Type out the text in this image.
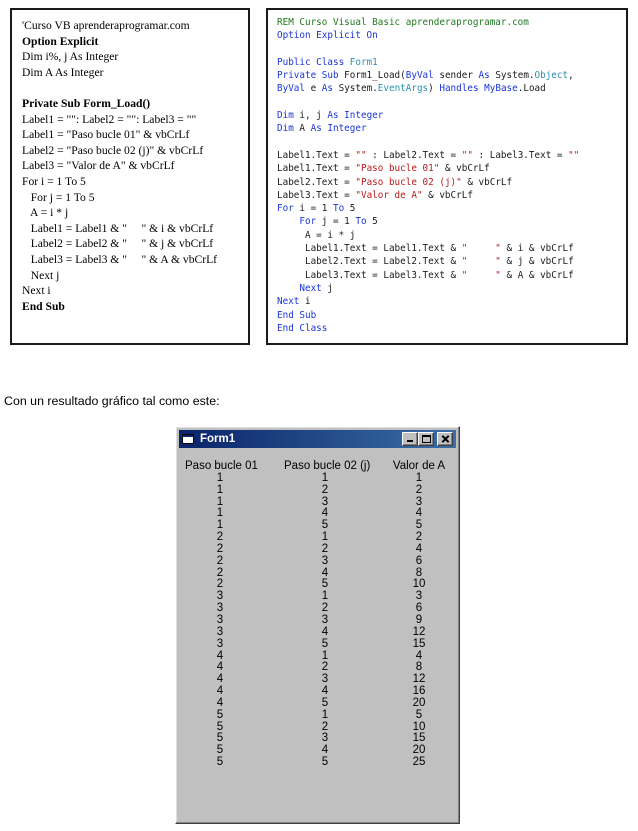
'Curso VB aprenderaprogramar.com
Option Explicit
Dim i%, j As Integer
Dim A As Integer
Private Sub Form_Load()
Label1 = "": Label2 = "": Label3 = ""
Label1 = "Paso bucle 01" & vbCrLf
Label2 = "Paso bucle 02 (j)" & vbCrLf
Label3 = "Valor de A" & vbCrLf
For i = 1 To 5
For j = 1 To 5
A = i * j
Label1 = Label1 & "     " & i & vbCrLf
Label2 = Label2 & "     " & j & vbCrLf
Label3 = Label3 & "     " & A & vbCrLf
Next j
Next i
End Sub
REM Curso Visual Basic aprenderaprogramar.com
Option Explicit On
Public Class Form1
Private Sub Form1_Load(ByVal sender As System.Object,
ByVal e As System.EventArgs) Handles MyBase.Load
Dim i, j As Integer
Dim A As Integer
Label1.Text = "" : Label2.Text = "" : Label3.Text = ""
Label1.Text = "Paso bucle 01" & vbCrLf
Label2.Text = "Paso bucle 02 (j)" & vbCrLf
Label3.Text = "Valor de A" & vbCrLf
For i = 1 To 5
For j = 1 To 5
A = i * j
Label1.Text = Label1.Text & "     " & i & vbCrLf
Label2.Text = Label2.Text & "     " & j & vbCrLf
Label3.Text = Label3.Text & "     " & A & vbCrLf
Next j
Next i
End Sub
End Class
Con un resultado gráfico tal como este:
Form1
Paso bucle 01
1
1
1
1
1
2
2
2
2
2
3
3
3
3
3
4
4
4
4
4
5
5
5
5
5
Paso bucle 02 (j)
1
2
3
4
5
1
2
3
4
5
1
2
3
4
5
1
2
3
4
5
1
2
3
4
5
Valor de A
1
2
3
4
5
2
4
6
8
10
3
6
9
12
15
4
8
12
16
20
5
10
15
20
25
